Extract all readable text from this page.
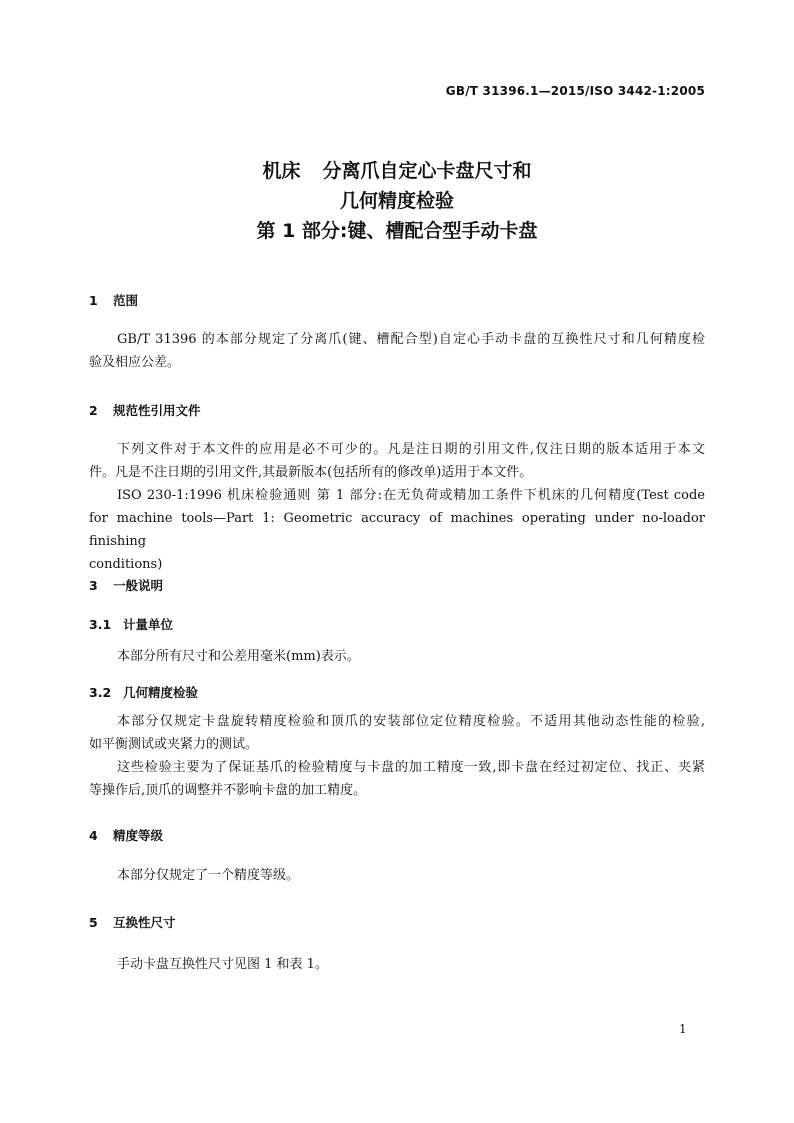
GB/T 31396.1—2015/ISO 3442-1:2005
机床 分离爪自定心卡盘尺寸和
几何精度检验
第 1 部分:键、槽配合型手动卡盘
1 范围
GB/T 31396 的本部分规定了分离爪(键、槽配合型)自定心手动卡盘的互换性尺寸和几何精度检
验及相应公差。
2 规范性引用文件
下列文件对于本文件的应用是必不可少的。凡是注日期的引用文件,仅注日期的版本适用于本文
件。凡是不注日期的引用文件,其最新版本(包括所有的修改单)适用于本文件。
ISO 230-1:1996 机床检验通则 第 1 部分:在无负荷或精加工条件下机床的几何精度(Test code
for machine tools—Part 1: Geometric accuracy of machines operating under no-loador finishing
conditions)
3 一般说明
3.1 计量单位
本部分所有尺寸和公差用毫米(mm)表示。
3.2 几何精度检验
本部分仅规定卡盘旋转精度检验和顶爪的安装部位定位精度检验。不适用其他动态性能的检验,
如平衡测试或夹紧力的测试。
这些检验主要为了保证基爪的检验精度与卡盘的加工精度一致,即卡盘在经过初定位、找正、夹紧
等操作后,顶爪的调整并不影响卡盘的加工精度。
4 精度等级
本部分仅规定了一个精度等级。
5 互换性尺寸
手动卡盘互换性尺寸见图 1 和表 1。
1
